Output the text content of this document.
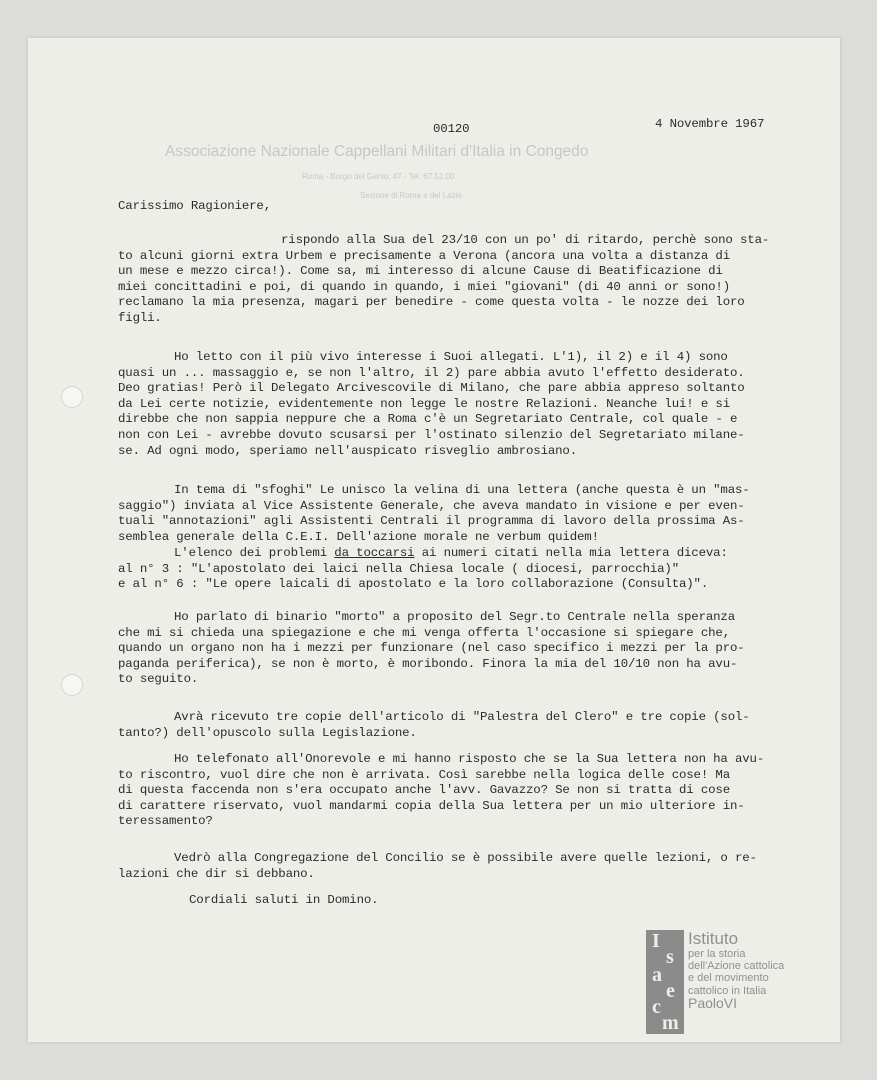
Associazione Nazionale Cappellani Militari d'Italia in Congedo
Roma - Borgo del Genio, 47 - Tel. 67.51.00
Sezione di Roma e del Lazio
00120	4 Novembre 1967
Carissimo Ragioniere,

rispondo alla Sua del 23/10 con un po' di ritardo, perchè sono sta-

to alcuni giorni extra Urbem e precisamente a Verona (ancora una volta a distanza di

un mese e mezzo circa!). Come sa, mi interesso di alcune Cause di Beatificazione di

miei concittadini e poi, di quando in quando, i miei "giovani" (di 40 anni or sono!)

reclamano la mia presenza, magari per benedire - come questa volta - le nozze dei loro

figli.

Ho letto con il più vivo interesse i Suoi allegati. L'1), il 2) e il 4) sono

quasi un ... massaggio e, se non l'altro, il 2) pare abbia avuto l'effetto desiderato.

Deo gratias! Però il Delegato Arcivescovile di Milano, che pare abbia appreso soltanto

da Lei certe notizie, evidentemente non legge le nostre Relazioni. Neanche lui! e si

direbbe che non sappia neppure che a Roma c'è un Segretariato Centrale, col quale - e

non con Lei - avrebbe dovuto scusarsi per l'ostinato silenzio del Segretariato milane-

se. Ad ogni modo, speriamo nell'auspicato risveglio ambrosiano.

In tema di "sfoghi" Le unisco la velina di una lettera (anche questa è un "mas-

saggio") inviata al Vice Assistente Generale, che aveva mandato in visione e per even-

tuali "annotazioni" agli Assistenti Centrali il programma di lavoro della prossima As-

semblea generale della C.E.I. Dell'azione morale ne verbum quidem!

L'elenco dei problemi da toccarsi ai numeri citati nella mia lettera diceva:

al n° 3 : "L'apostolato dei laici nella Chiesa locale ( diocesi, parrocchia)"

e al n° 6 : "Le opere laicali di apostolato e la loro collaborazione (Consulta)".

Ho parlato di binario "morto" a proposito del Segr.to Centrale nella speranza

che mi si chieda una spiegazione e che mi venga offerta l'occasione si spiegare che,

quando un organo non ha i mezzi per funzionare (nel caso specifico i mezzi per la pro-

paganda periferica), se non è morto, è moribondo. Finora la mia del 10/10 non ha avu-

to seguito.

Avrà ricevuto tre copie dell'articolo di "Palestra del Clero" e tre copie (sol-

tanto?) dell'opuscolo sulla Legislazione.

Ho telefonato all'Onorevole e mi hanno risposto che se la Sua lettera non ha avu-

to riscontro, vuol dire che non è arrivata. Così sarebbe nella logica delle cose! Ma

di questa faccenda non s'era occupato anche l'avv. Gavazzo? Se non si tratta di cose

di carattere riservato, vuol mandarmi copia della Sua lettera per un mio ulteriore in-

teressamento?

Vedrò alla Congregazione del Concilio se è possibile avere quelle lezioni, o re-

lazioni che dir si debbano.

Cordiali saluti in Domino.
I
s
a
e
c
m
Istituto
per la storia
dell'Azione cattolica
e del movimento
cattolico in Italia
PaoloVI
